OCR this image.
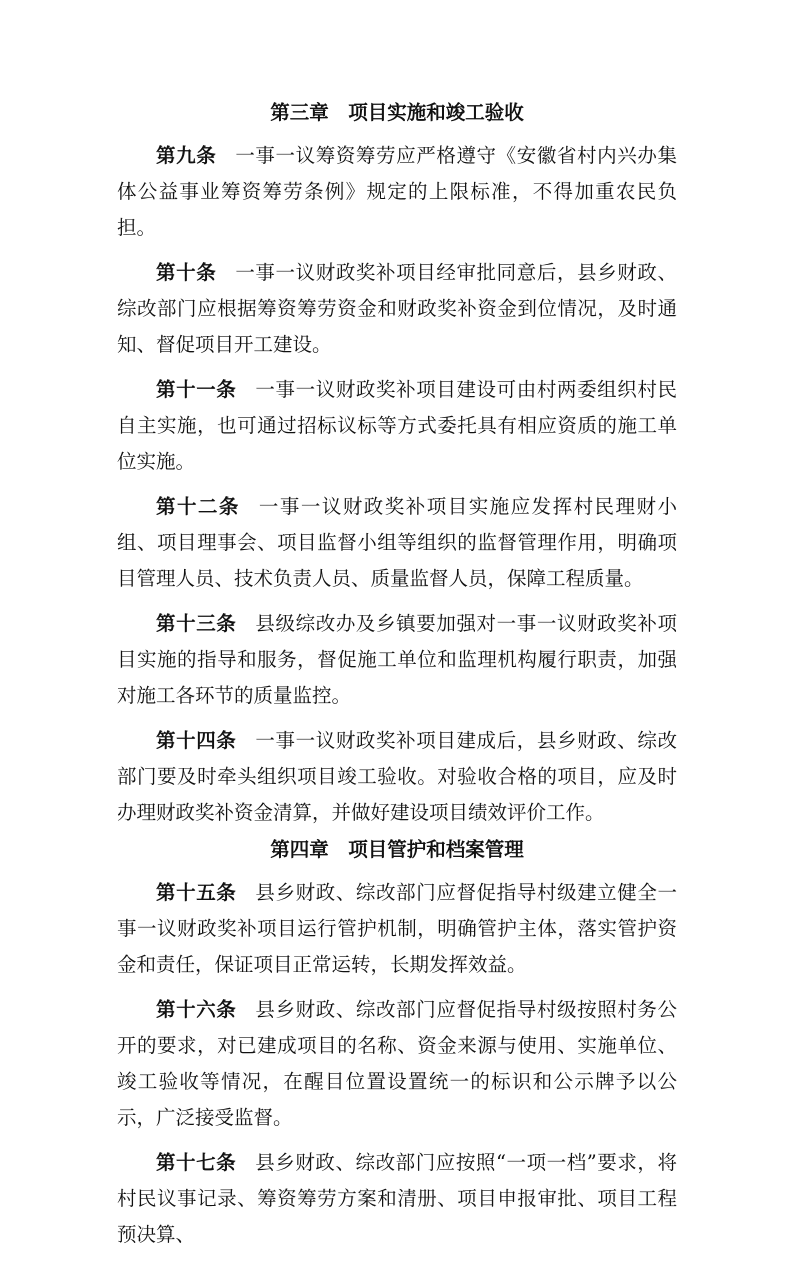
第三章　项目实施和竣工验收

第九条 一事一议筹资筹劳应严格遵守《安徽省村内兴办集体公益事业筹资筹劳条例》规定的上限标准，不得加重农民负担。

第十条 一事一议财政奖补项目经审批同意后，县乡财政、综改部门应根据筹资筹劳资金和财政奖补资金到位情况，及时通知、督促项目开工建设。

第十一条 一事一议财政奖补项目建设可由村两委组织村民自主实施，也可通过招标议标等方式委托具有相应资质的施工单位实施。

第十二条 一事一议财政奖补项目实施应发挥村民理财小组、项目理事会、项目监督小组等组织的监督管理作用，明确项目管理人员、技术负责人员、质量监督人员，保障工程质量。

第十三条 县级综改办及乡镇要加强对一事一议财政奖补项目实施的指导和服务，督促施工单位和监理机构履行职责，加强对施工各环节的质量监控。

第十四条 一事一议财政奖补项目建成后，县乡财政、综改部门要及时牵头组织项目竣工验收。对验收合格的项目，应及时办理财政奖补资金清算，并做好建设项目绩效评价工作。

第四章　项目管护和档案管理

第十五条 县乡财政、综改部门应督促指导村级建立健全一事一议财政奖补项目运行管护机制，明确管护主体，落实管护资金和责任，保证项目正常运转，长期发挥效益。

第十六条 县乡财政、综改部门应督促指导村级按照村务公开的要求，对已建成项目的名称、资金来源与使用、实施单位、竣工验收等情况，在醒目位置设置统一的标识和公示牌予以公示，广泛接受监督。

第十七条 县乡财政、综改部门应按照“一项一档”要求，将村民议事记录、筹资筹劳方案和清册、项目申报审批、项目工程预决算、
